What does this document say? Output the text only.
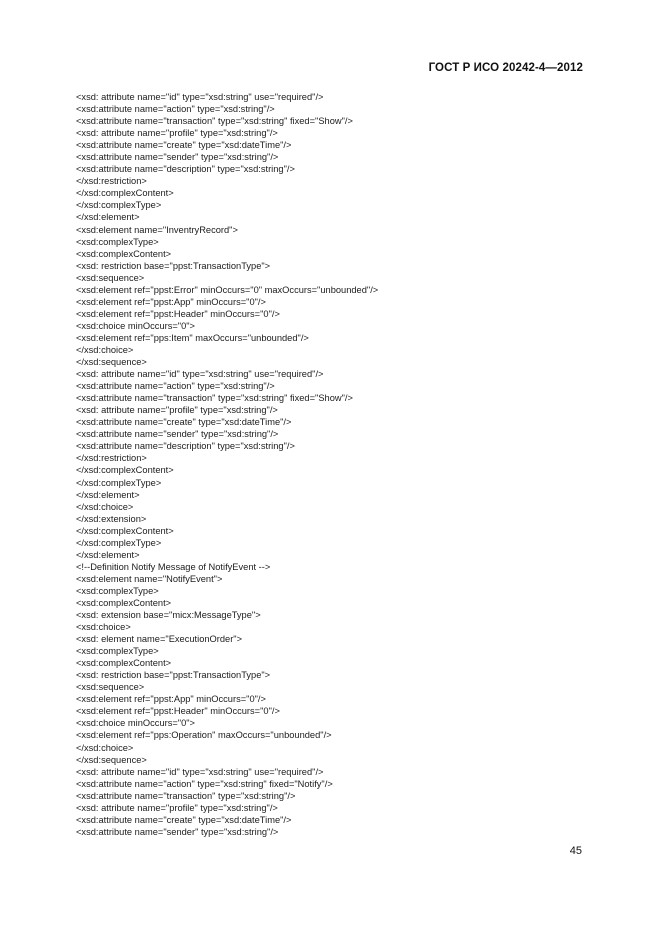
ГОСТ Р ИСО 20242-4—2012
<xsd: attribute name="id" type="xsd:string" use="required"/>
<xsd:attribute name="action" type="xsd:string"/>
<xsd:attribute name="transaction" type="xsd:string" fixed="Show"/>
<xsd: attribute name="profile" type="xsd:string"/>
<xsd:attribute name="create" type="xsd:dateTime"/>
<xsd:attribute name="sender" type="xsd:string"/>
<xsd:attribute name="description" type="xsd:string"/>
</xsd:restriction>
</xsd:complexContent>
</xsd:complexType>
</xsd:element>
<xsd:element name="InventryRecord">
<xsd:complexType>
<xsd:complexContent>
<xsd: restriction base="ppst:TransactionType">
<xsd:sequence>
<xsd:element ref="ppst:Error" minOccurs="0" maxOccurs="unbounded"/>
<xsd:element ref="ppst:App" minOccurs="0"/>
<xsd:element ref="ppst:Header" minOccurs="0"/>
<xsd:choice minOccurs="0">
<xsd:element ref="pps:Item" maxOccurs="unbounded"/>
</xsd:choice>
</xsd:sequence>
<xsd: attribute name="id" type="xsd:string" use="required"/>
<xsd:attribute name="action" type="xsd:string"/>
<xsd:attribute name="transaction" type="xsd:string" fixed="Show"/>
<xsd: attribute name="profile" type="xsd:string"/>
<xsd:attribute name="create" type="xsd:dateTime"/>
<xsd:attribute name="sender" type="xsd:string"/>
<xsd:attribute name="description" type="xsd:string"/>
</xsd:restriction>
</xsd:complexContent>
</xsd:complexType>
</xsd:element>
</xsd:choice>
</xsd:extension>
</xsd:complexContent>
</xsd:complexType>
</xsd:element>
<!--Definition Notify Message of NotifyEvent -->
<xsd:element name="NotifyEvent">
<xsd:complexType>
<xsd:complexContent>
<xsd: extension base="micx:MessageType">
<xsd:choice>
<xsd: element name="ExecutionOrder">
<xsd:complexType>
<xsd:complexContent>
<xsd: restriction base="ppst:TransactionType">
<xsd:sequence>
<xsd:element ref="ppst:App" minOccurs="0"/>
<xsd:element ref="ppst:Header" minOccurs="0"/>
<xsd:choice minOccurs="0">
<xsd:element ref="pps:Operation" maxOccurs="unbounded"/>
</xsd:choice>
</xsd:sequence>
<xsd: attribute name="id" type="xsd:string" use="required"/>
<xsd:attribute name="action" type="xsd:string" fixed="Notify"/>
<xsd:attribute name="transaction" type="xsd:string"/>
<xsd: attribute name="profile" type="xsd:string"/>
<xsd:attribute name="create" type="xsd:dateTime"/>
<xsd:attribute name="sender" type="xsd:string"/>
45
